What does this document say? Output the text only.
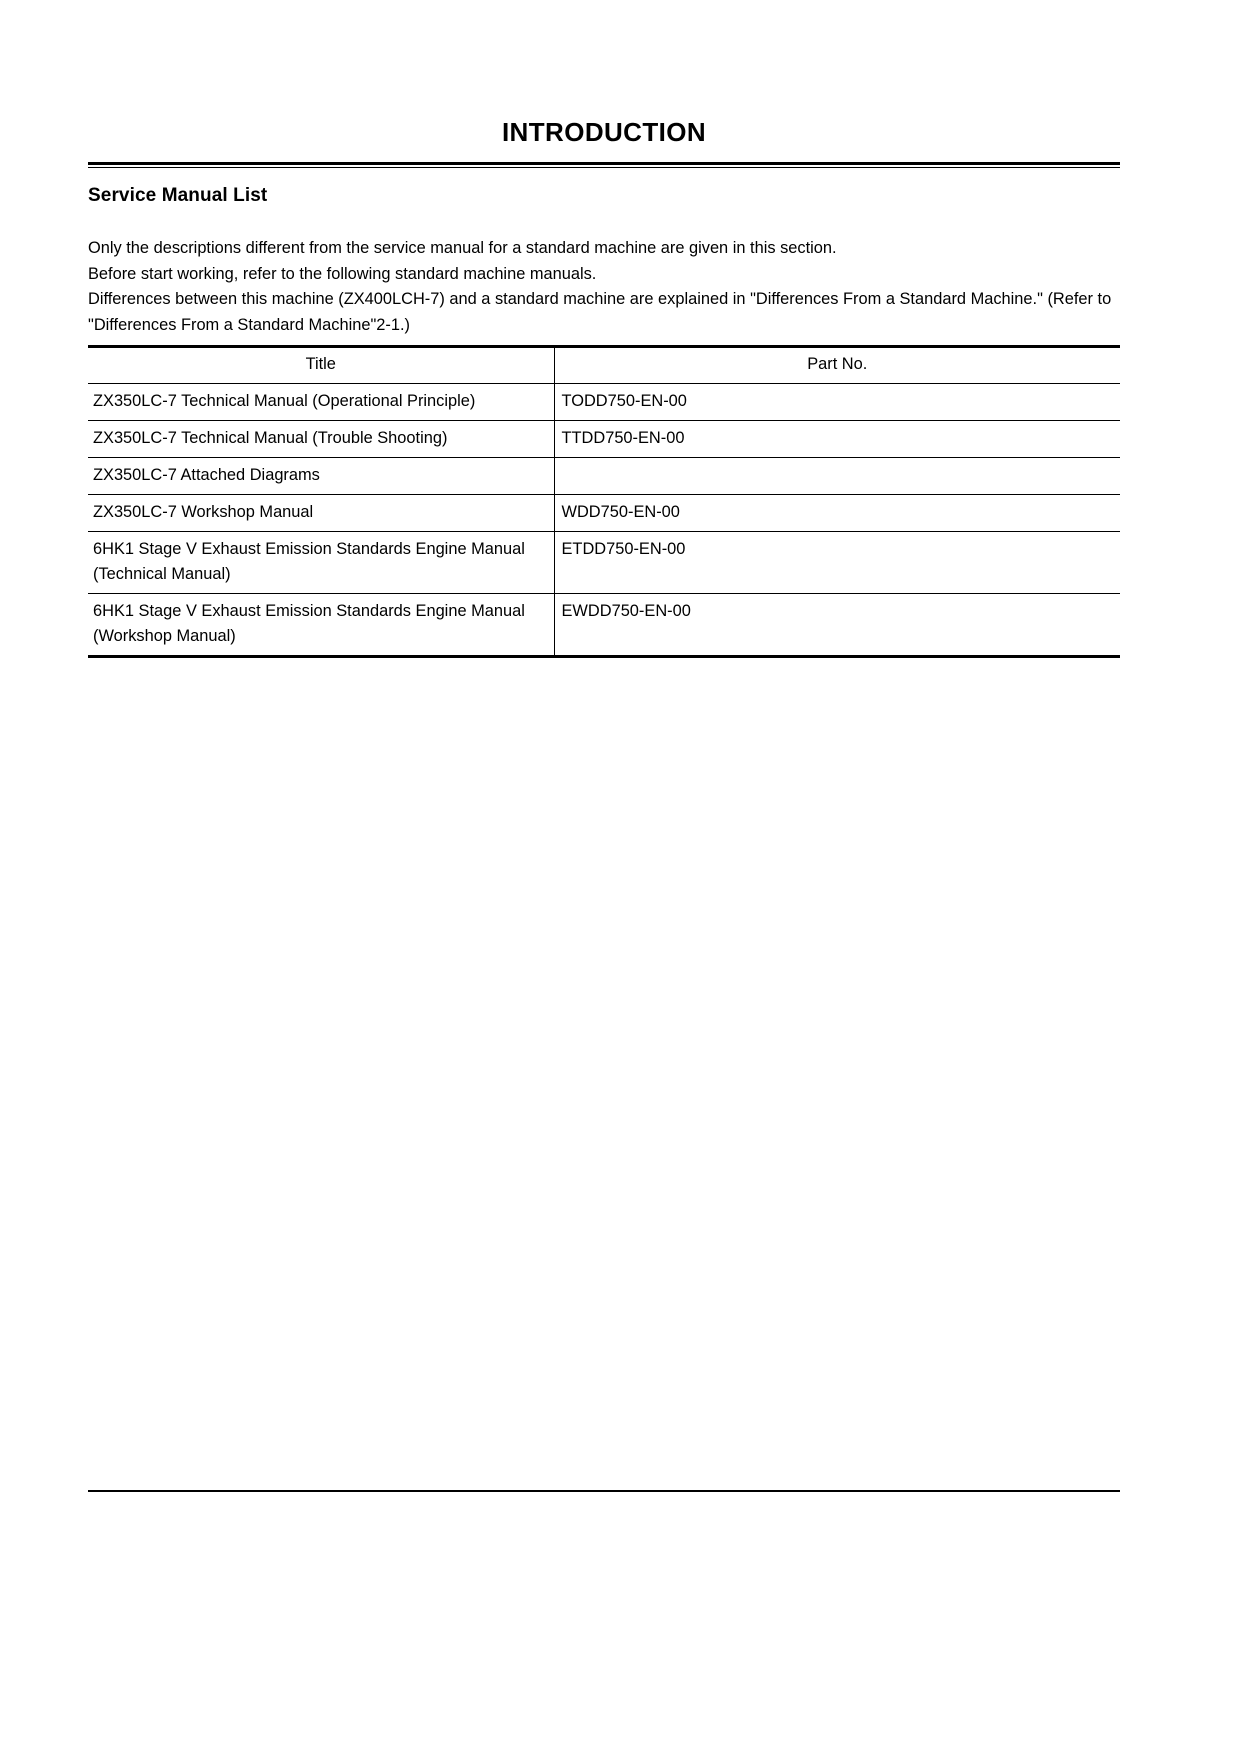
INTRODUCTION
Service Manual List
Only the descriptions different from the service manual for a standard machine are given in this section.
Before start working, refer to the following standard machine manuals.
Differences between this machine (ZX400LCH-7) and a standard machine are explained in "Differences From a Standard Machine." (Refer to "Differences From a Standard Machine"2-1.)
Title	Part No.

ZX350LC-7 Technical Manual (Operational Principle)	TODD750-EN-00

ZX350LC-7 Technical Manual (Trouble Shooting)	TTDD750-EN-00

ZX350LC-7 Attached Diagrams	

ZX350LC-7 Workshop Manual	WDD750-EN-00

6HK1 Stage V Exhaust Emission Standards Engine Manual
(Technical Manual)	ETDD750-EN-00

6HK1 Stage V Exhaust Emission Standards Engine Manual
(Workshop Manual)	EWDD750-EN-00
